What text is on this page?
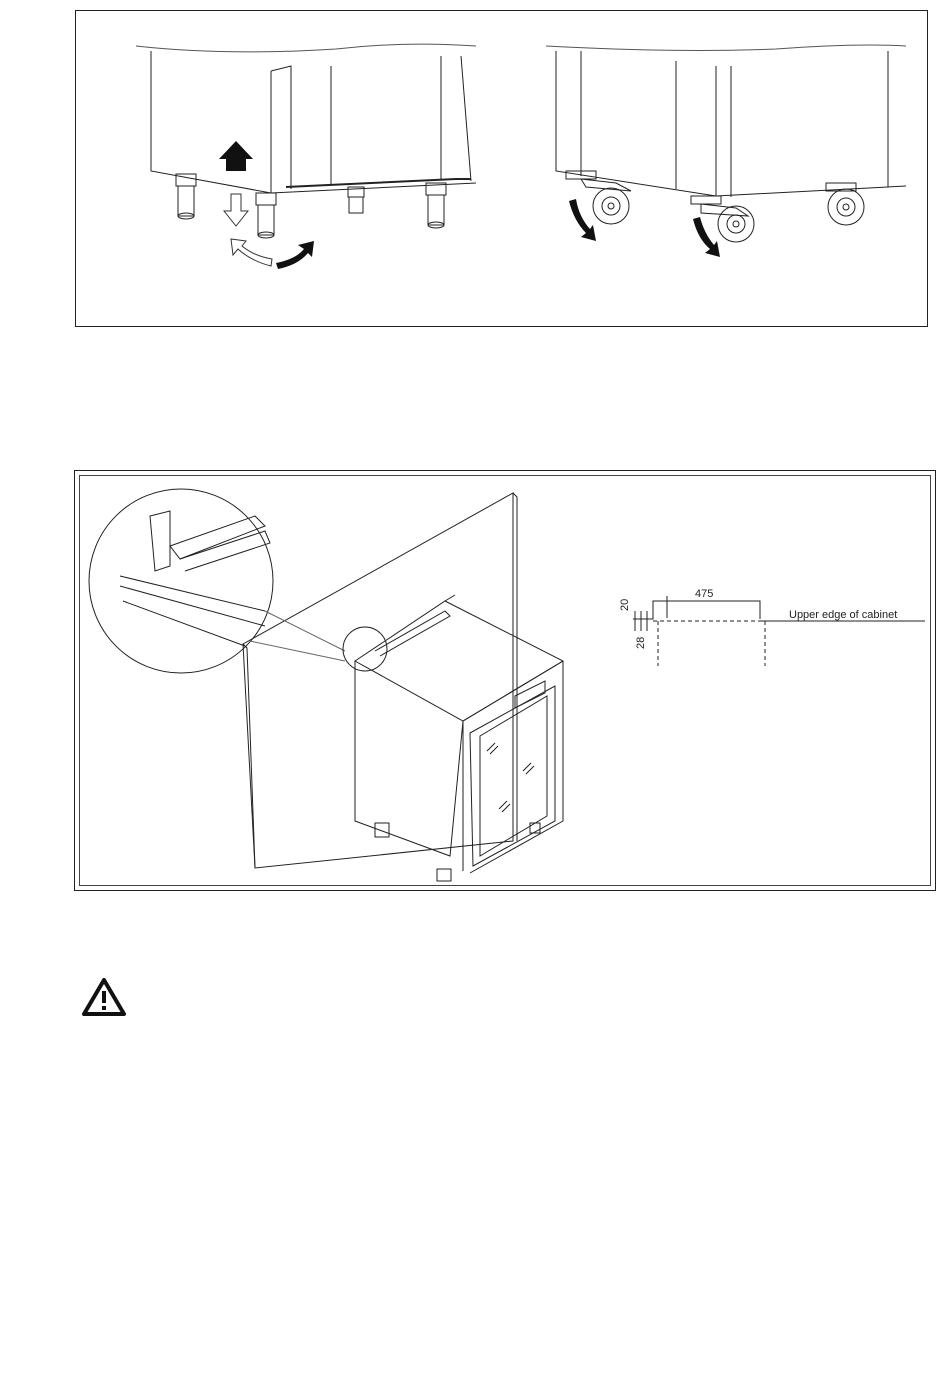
475
20
28
Upper edge of cabinet
